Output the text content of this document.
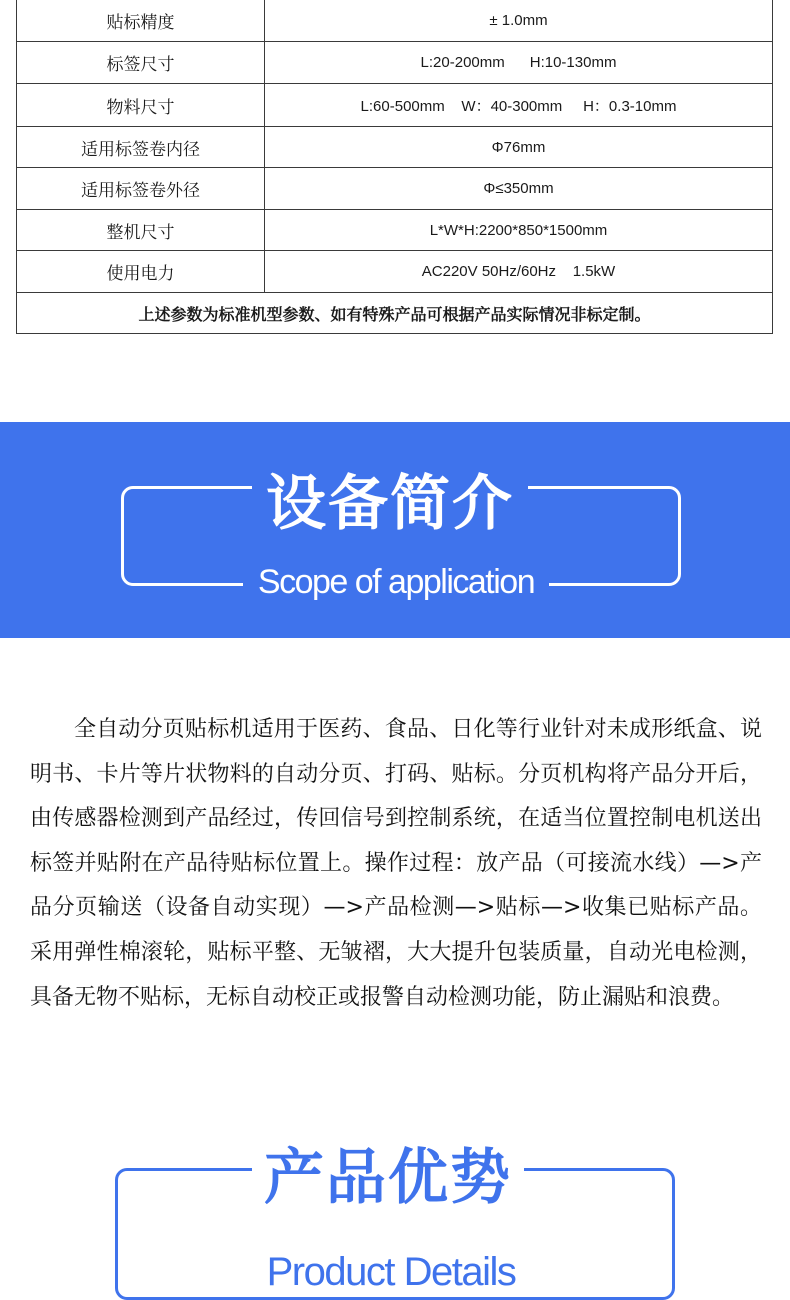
贴标精度	± 1.0mm
标签尺寸	L:20-200mm      H:10-130mm
物料尺寸	L:60-500mm    W：40-300mm     H：0.3-10mm
适用标签卷内径	Φ76mm
适用标签卷外径	Φ≤350mm
整机尺寸	L*W*H:2200*850*1500mm
使用电力	AC220V 50Hz/60Hz    1.5kW
上述参数为标准机型参数、如有特殊产品可根据产品实际情况非标定制。	
设备简介
Scope of application

全自动分页贴标机适用于医药、食品、日化等行业针对未成形纸盒、说明书、卡片等片状物料的自动分页、打码、贴标。分页机构将产品分开后，由传感器检测到产品经过，传回信号到控制系统，在适当位置控制电机送出标签并贴附在产品待贴标位置上。操作过程：放产品（可接流水线）—>产品分页输送（设备自动实现）—>产品检测—>贴标—>收集已贴标产品。采用弹性棉滚轮，贴标平整、无皱褶，大大提升包装质量，自动光电检测，具备无物不贴标，无标自动校正或报警自动检测功能，防止漏贴和浪费。

产品优势
Product Details
